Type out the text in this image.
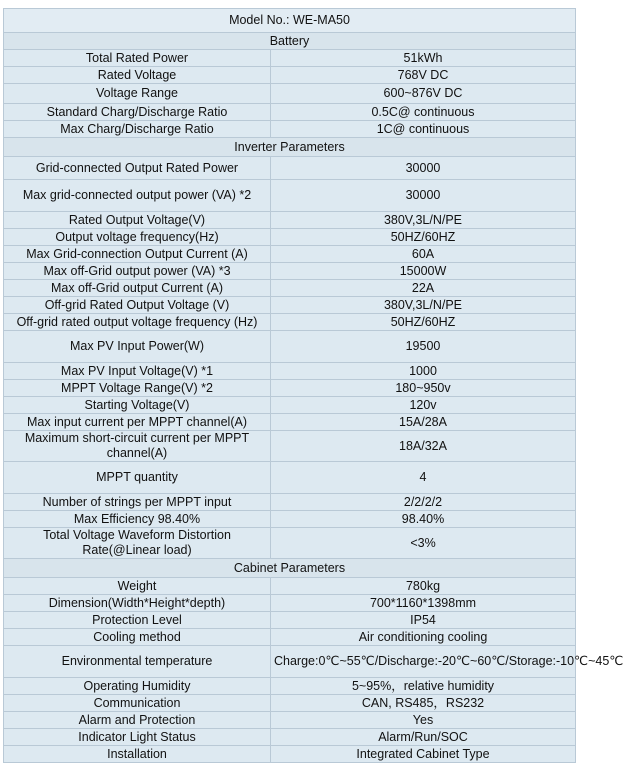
Model No.: WE-MA50	
Battery	
Total Rated Power	51kWh
Rated Voltage	768V DC
Voltage Range	600~876V DC
Standard Charg/Discharge Ratio	0.5C@ continuous
Max Charg/Discharge Ratio	1C@ continuous
Inverter Parameters	
Grid-connected Output Rated Power	30000
Max grid-connected output power (VA) *2	30000
Rated Output Voltage(V)	380V,3L/N/PE
Output voltage frequency(Hz)	50HZ/60HZ
Max Grid-connection Output Current (A)	60A
Max off-Grid output power (VA) *3	15000W
Max off-Grid output Current (A)	22A
Off-grid Rated Output Voltage (V)	380V,3L/N/PE
Off-grid rated output voltage frequency (Hz)	50HZ/60HZ
Max PV Input Power(W)	19500
Max PV Input Voltage(V) *1	1000
MPPT Voltage Range(V) *2	180~950v
Starting Voltage(V)	120v
Max input current per MPPT channel(A)	15A/28A
Maximum short-circuit current per MPPT channel(A)	18A/32A
MPPT quantity	4
Number of strings per MPPT input	2/2/2/2
Max Efficiency 98.40%	98.40%
Total Voltage Waveform Distortion Rate(@Linear load)	<3%
Cabinet Parameters	
Weight	780kg
Dimension(Width*Height*depth)	700*1160*1398mm
Protection Level	IP54
Cooling method	Air conditioning cooling
Environmental temperature	Charge:0℃~55℃/Discharge:-20℃~60℃/Storage:-10℃~45℃
Operating Humidity	5~95%，relative humidity
Communication	CAN, RS485，RS232
Alarm and Protection	Yes
Indicator Light Status	Alarm/Run/SOC
Installation	Integrated Cabinet Type
